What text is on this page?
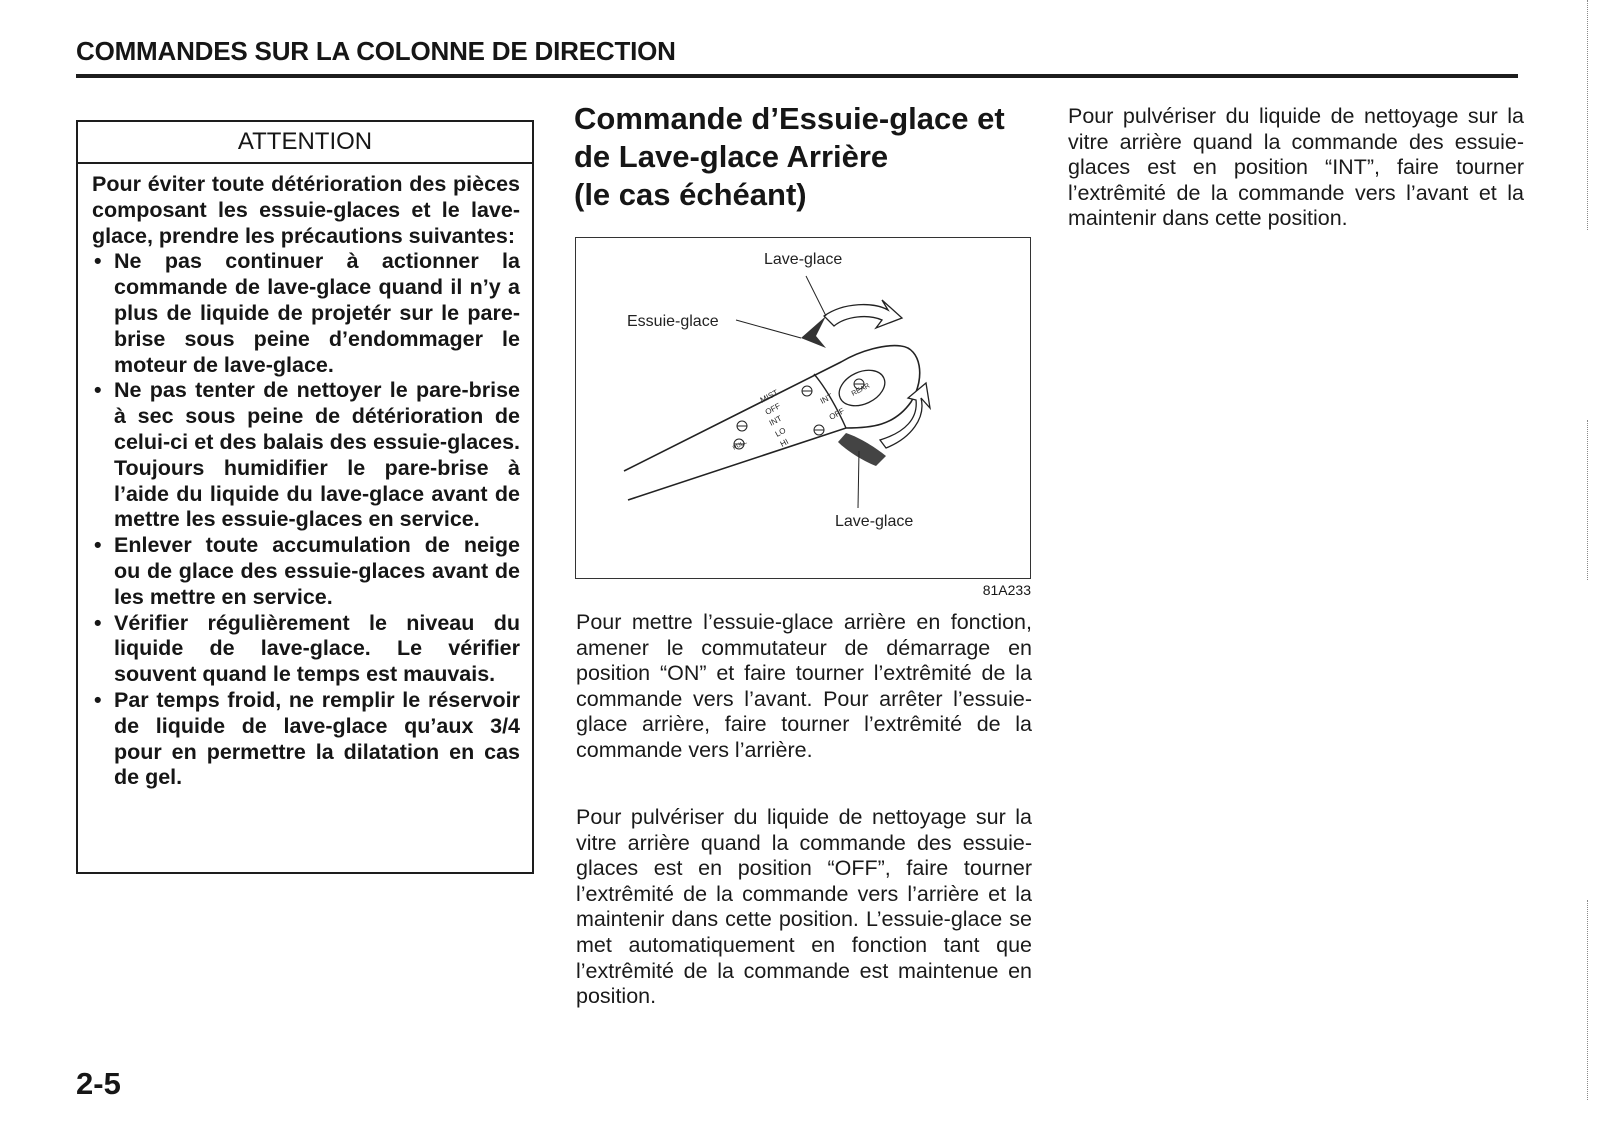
COMMANDES SUR LA COLONNE DE DIRECTION
ATTENTION
Pour éviter toute détérioration des pièces composant les essuie-glaces et le lave-glace, prendre les précautions suivantes:
• Ne pas continuer à actionner la commande de lave-glace quand il n’y a plus de liquide de projetér sur le pare-brise sous peine d’endommager le moteur de lave-glace.
• Ne pas tenter de nettoyer le pare-brise à sec sous peine de détérioration de celui-ci et des balais des essuie-glaces. Toujours humidifier le pare-brise à l’aide du liquide du lave-glace avant de mettre les essuie-glaces en service.
• Enlever toute accumulation de neige ou de glace des essuie-glaces avant de les mettre en service.
• Vérifier régulièrement le niveau du liquide de lave-glace. Le vérifier souvent quand le temps est mauvais.
• Par temps froid, ne remplir le réservoir de liquide de lave-glace qu’aux 3/4 pour en permettre la dilatation en cas de gel.
Commande d’Essuie-glace et
de Lave-glace Arrière
(le cas échéant)
MIST
OFF
INT
LO
HI
PULL
INT
OFF
REAR
Lave-glace
Essuie-glace
Lave-glace
81A233
Pour mettre l’essuie-glace arrière en fonction, amener le commutateur de démarrage en position “ON” et faire tourner l’extrêmité de la commande vers l’avant. Pour arrêter l’essuie-glace arrière, faire tourner l’extrêmité de la commande vers l’arrière.
Pour pulvériser du liquide de nettoyage sur la vitre arrière quand la commande des essuie-glaces est en position “OFF”, faire tourner l’extrêmité de la commande vers l’arrière et la maintenir dans cette position. L’essuie-glace se met automatiquement en fonction tant que l’extrêmité de la commande est maintenue en position.
Pour pulvériser du liquide de nettoyage sur la vitre arrière quand la commande des essuie-glaces est en position “INT”, faire tourner l’extrêmité de la commande vers l’avant et la maintenir dans cette position.
2-5
